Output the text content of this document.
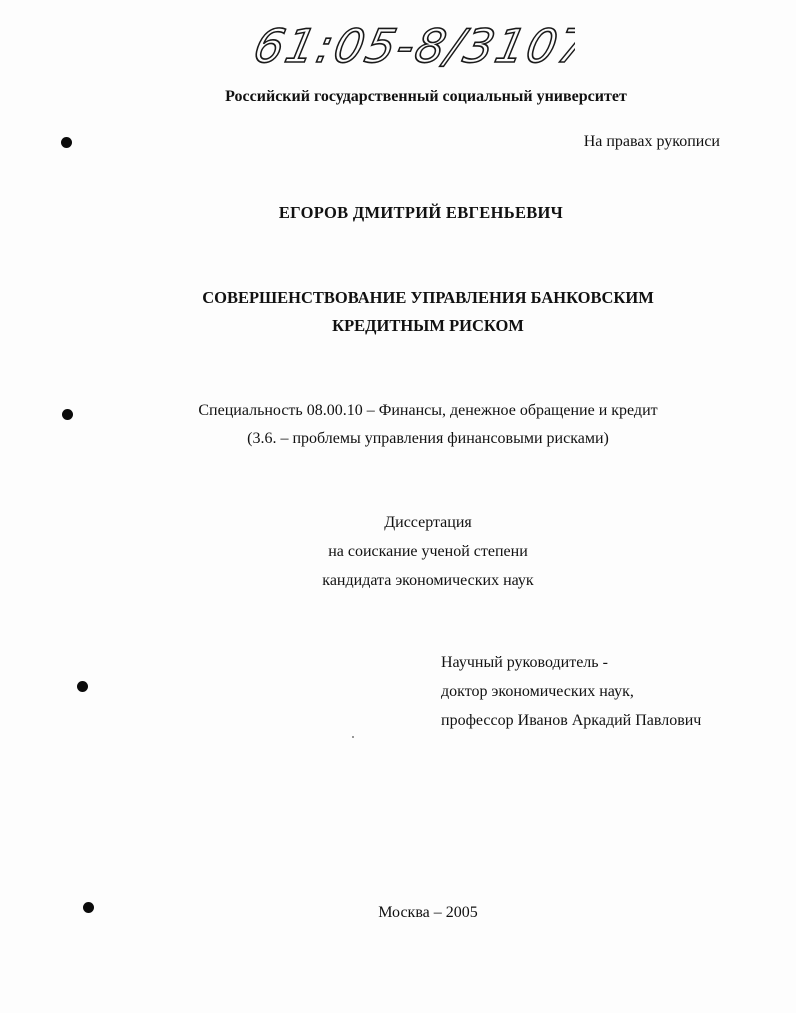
61:05-8/3107
Российский государственный социальный университет
На правах рукописи
ЕГОРОВ ДМИТРИЙ ЕВГЕНЬЕВИЧ
СОВЕРШЕНСТВОВАНИЕ УПРАВЛЕНИЯ БАНКОВСКИМ
КРЕДИТНЫМ РИСКОМ
Специальность 08.00.10 – Финансы, денежное обращение и кредит
(3.6. – проблемы управления финансовыми рисками)
Диссертация
на соискание ученой степени
кандидата экономических наук
Научный руководитель -
доктор экономических наук,
профессор Иванов Аркадий Павлович
Москва – 2005
